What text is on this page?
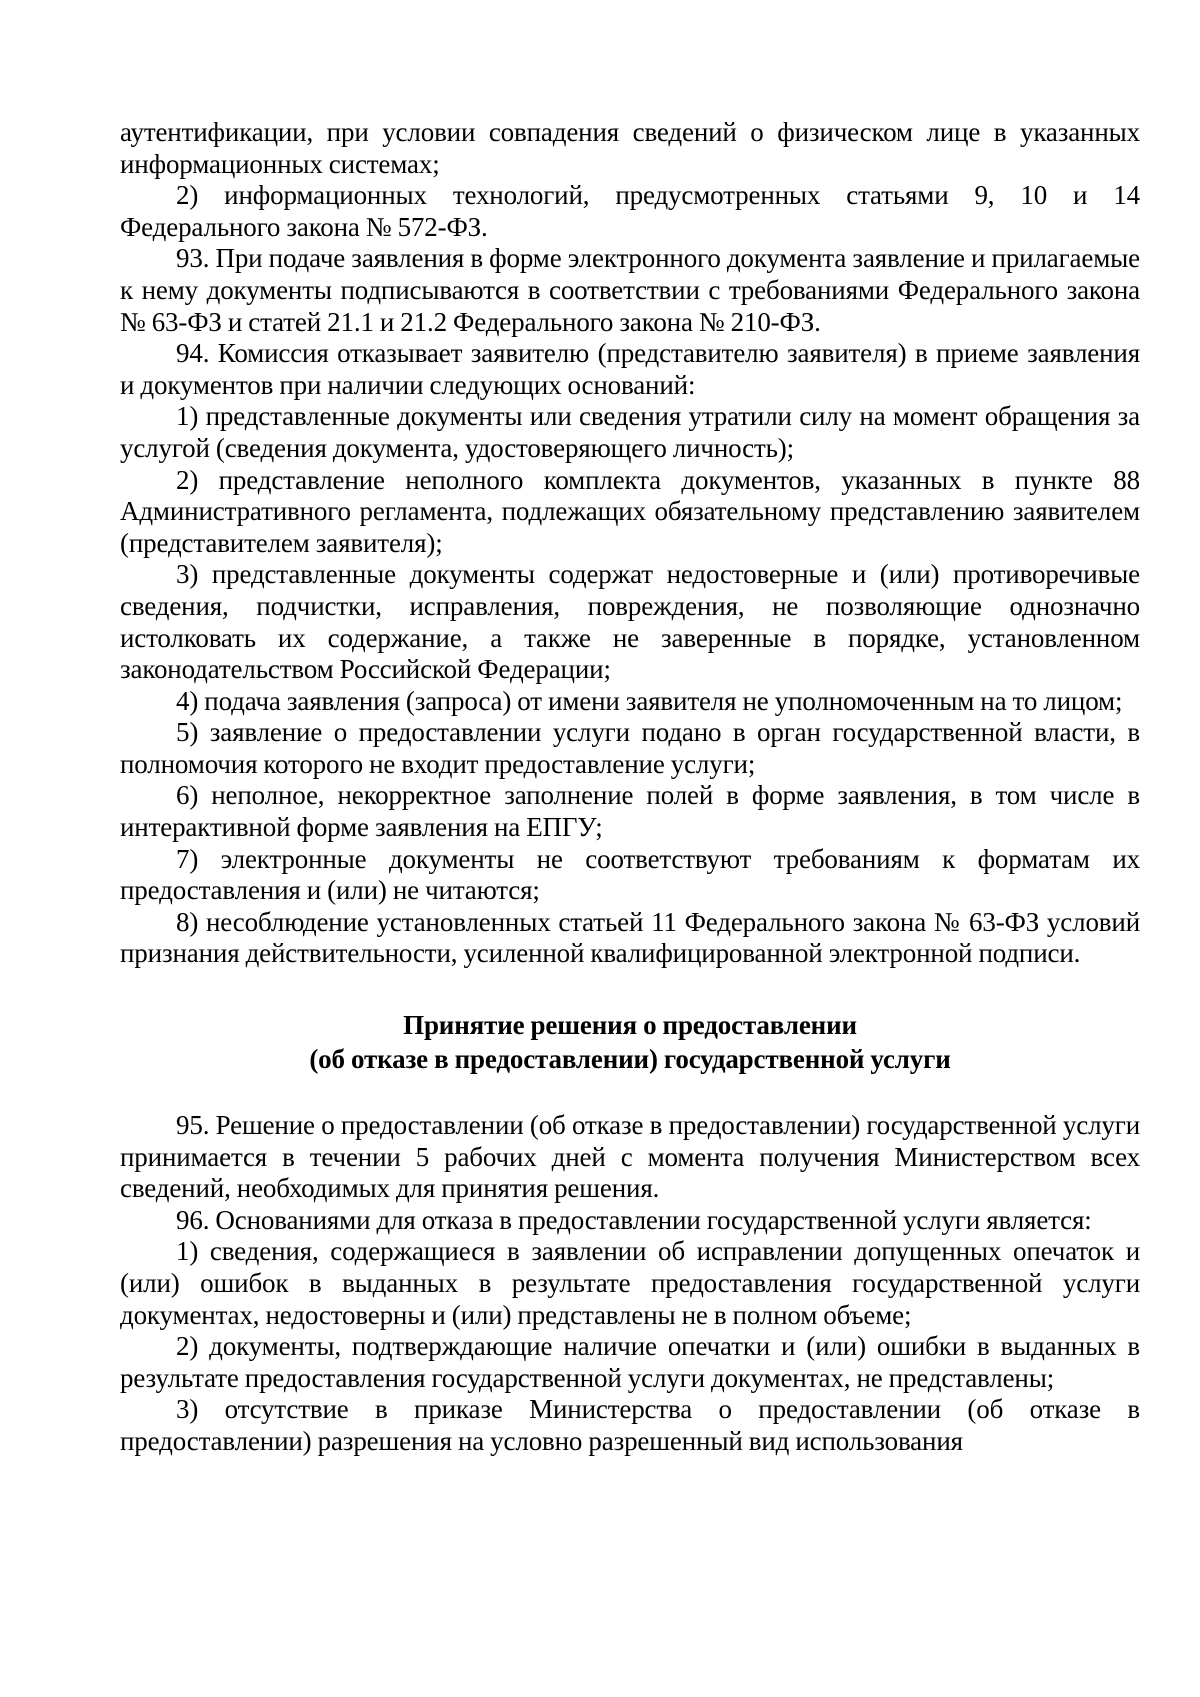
аутентификации, при условии совпадения сведений о физическом лице в указанных информационных системах;

2) информационных технологий, предусмотренных статьями 9, 10 и 14 Федерального закона № 572-ФЗ.

93. При подаче заявления в форме электронного документа заявление и прилагаемые к нему документы подписываются в соответствии с требованиями Федерального закона № 63-ФЗ и статей 21.1 и 21.2 Федерального закона № 210-ФЗ.

94. Комиссия отказывает заявителю (представителю заявителя) в приеме заявления и документов при наличии следующих оснований:

1) представленные документы или сведения утратили силу на момент обращения за услугой (сведения документа, удостоверяющего личность);

2) представление неполного комплекта документов, указанных в пункте 88 Административного регламента, подлежащих обязательному представлению заявителем (представителем заявителя);

3) представленные документы содержат недостоверные и (или) противоречивые сведения, подчистки, исправления, повреждения, не позволяющие однозначно истолковать их содержание, а также не заверенные в порядке, установленном законодательством Российской Федерации;

4) подача заявления (запроса) от имени заявителя не уполномоченным на то лицом;

5) заявление о предоставлении услуги подано в орган государственной власти, в полномочия которого не входит предоставление услуги;

6) неполное, некорректное заполнение полей в форме заявления, в том числе в интерактивной форме заявления на ЕПГУ;

7) электронные документы не соответствуют требованиям к форматам их предоставления и (или) не читаются;

8) несоблюдение установленных статьей 11 Федерального закона № 63-ФЗ условий признания действительности, усиленной квалифицированной электронной подписи.

Принятие решения о предоставлении
(об отказе в предоставлении) государственной услуги

95. Решение о предоставлении (об отказе в предоставлении) государственной услуги принимается в течении 5 рабочих дней с момента получения Министерством всех сведений, необходимых для принятия решения.

96. Основаниями для отказа в предоставлении государственной услуги является:

1) сведения, содержащиеся в заявлении об исправлении допущенных опечаток и (или) ошибок в выданных в результате предоставления государственной услуги документах, недостоверны и (или) представлены не в полном объеме;

2) документы, подтверждающие наличие опечатки и (или) ошибки в выданных в результате предоставления государственной услуги документах, не представлены;

3) отсутствие в приказе Министерства о предоставлении (об отказе в предоставлении) разрешения на условно разрешенный вид использования
